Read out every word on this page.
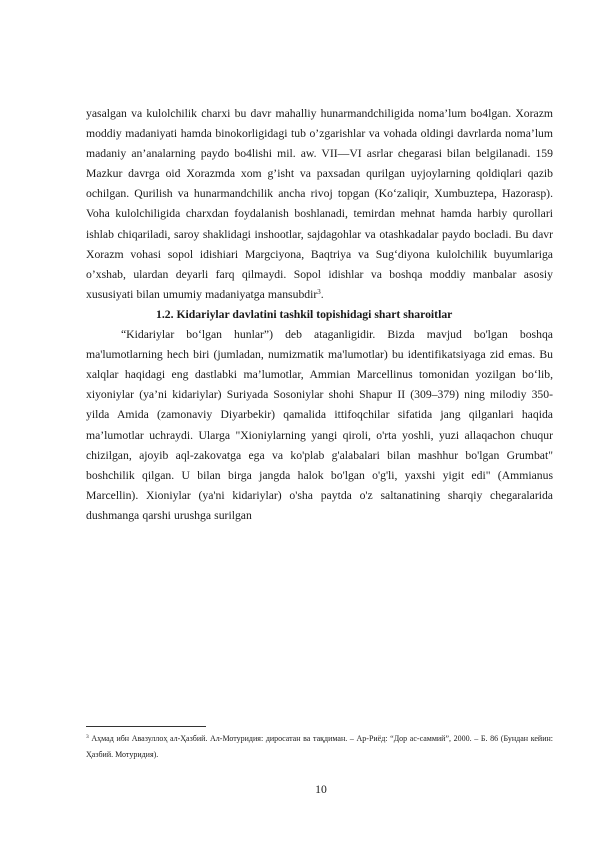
yasalgan va kulolchilik charxi bu davr mahalliy hunarmandchiligida noma’lum bo4lgan. Xorazm moddiy madaniyati hamda binokorligidagi tub o’zgarishlar va vohada oldingi davrlarda noma’lum madaniy an’analarning paydo bo4lishi mil. aw. VII—VI asrlar chegarasi bilan belgilanadi. 159 Mazkur davrga oid Xorazmda xom g’isht va paxsadan qurilgan uyjoylarning qoldiqlari qazib ochilgan. Qurilish va hunarmandchilik ancha rivoj topgan (Ko‘zaliqir, Xumbuztepa, Hazorasp). Voha kulolchiligida charxdan foydalanish boshlanadi, temirdan mehnat hamda harbiy qurollari ishlab chiqariladi, saroy shaklidagi inshootlar, sajdagohlar va otashkadalar paydo bocladi. Bu davr Xorazm vohasi sopol idishiari Margciyona, Baqtriya va Sug‘diyona kulolchilik buyumlariga o’xshab, ulardan deyarli farq qilmaydi. Sopol idishlar va boshqa moddiy manbalar asosiy xususiyati bilan umumiy madaniyatga mansubdir$^3$.

1.2. Kidariylar davlatini tashkil topishidagi shart sharoitlar

“Kidariylar bo‘lgan hunlar”) deb ataganligidir. Bizda mavjud bo'lgan boshqa ma'lumotlarning hech biri (jumladan, numizmatik ma'lumotlar) bu identifikatsiyaga zid emas. Bu xalqlar haqidagi eng dastlabki ma’lumotlar, Ammian Marcellinus tomonidan yozilgan bo‘lib, xiyoniylar (ya’ni kidariylar) Suriyada Sosoniylar shohi Shapur II (309–379) ning milodiy 350-yilda Amida (zamonaviy Diyarbekir) qamalida ittifoqchilar sifatida jang qilganlari haqida ma’lumotlar uchraydi. Ularga "Xioniylarning yangi qiroli, o'rta yoshli, yuzi allaqachon chuqur chizilgan, ajoyib aql-zakovatga ega va ko'plab g'alabalari bilan mashhur bo'lgan Grumbat" boshchilik qilgan. U bilan birga jangda halok bo'lgan o'g'li, yaxshi yigit edi" (Ammianus Marcellin). Xioniylar (ya'ni kidariylar) o'sha paytda o'z saltanatining sharqiy chegaralarida dushmanga qarshi urushga surilgan

$^3$ Аҳмад ибн Авазуллоҳ ал-Ҳазбий. Ал-Мотуридия: дироcатан ва тақдиман. – Ар-Риёд: “Дор ас-саммий”, 2000. – Б. 86 (Бундан кейин: Ҳазбий. Мотуридия).

10
